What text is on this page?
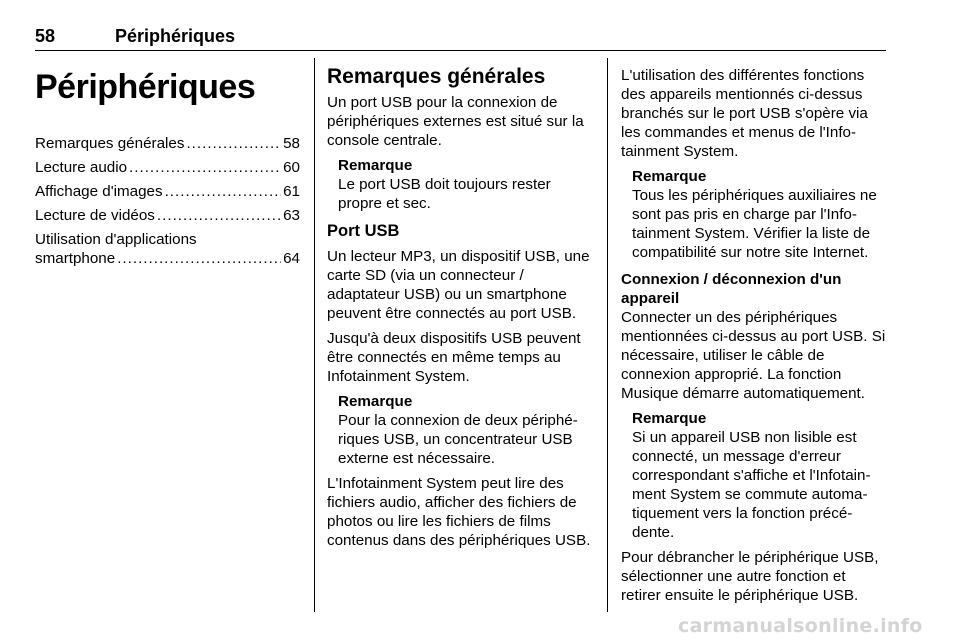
58	Périphériques
Périphériques
Remarques générales .....	58
Lecture audio .....	60
Affichage d'images .....	61
Lecture de vidéos .....	63
Utilisation d'applications
smartphone .....	64
Remarques générales

Un port USB pour la connexion de périphériques externes est situé sur la console centrale.

Remarque
Le port USB doit toujours rester propre et sec.
Port USB

Un lecteur MP3, un dispositif USB, une carte SD (via un connecteur / adaptateur USB) ou un smartphone peuvent être connectés au port USB.

Jusqu'à deux dispositifs USB peuvent être connectés en même temps au Infotainment System.

Remarque
Pour la connexion de deux périphériques USB, un concentrateur USB externe est nécessaire.

L'Infotainment System peut lire des fichiers audio, afficher des fichiers de photos ou lire les fichiers de films contenus dans des périphériques USB.

L'utilisation des différentes fonctions des appareils mentionnés ci-dessus branchés sur le port USB s'opère via les commandes et menus de l'Infotainment System.

Remarque
Tous les périphériques auxiliaires ne sont pas pris en charge par l'Infotainment System. Vérifier la liste de compatibilité sur notre site Internet.
Connexion / déconnexion d'un appareil

Connecter un des périphériques mentionnées ci-dessus au port USB. Si nécessaire, utiliser le câble de connexion approprié. La fonction Musique démarre automatiquement.

Remarque
Si un appareil USB non lisible est connecté, un message d'erreur correspondant s'affiche et l'Infotainment System se commute automatiquement vers la fonction précédente.

Pour débrancher le périphérique USB, sélectionner une autre fonction et retirer ensuite le périphérique USB.

carmanualsonline.info
